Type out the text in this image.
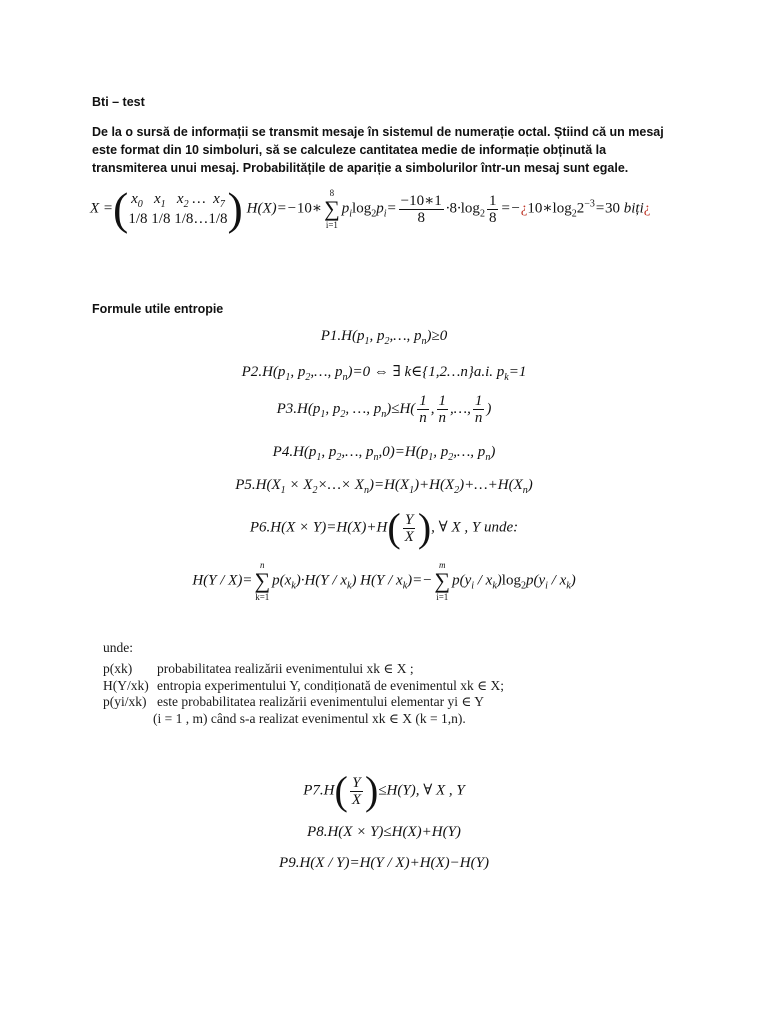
Bti – test
De la o sursă de informații se transmit mesaje în sistemul de numerație octal. Știind că un mesaj este format din 10 simboluri, să se calculeze cantitatea medie de informație obținută la transmiterea unui mesaj. Probabilitățile de apariție a simbolurilor într-un mesaj sunt egale.
X =( $x_0$ $x_1$ $x_2$ …  $x_7$
1/8 1/8 1/8…1/8 ) H(X)=−10∗
8
∑
i=1
$p_i\log_2p_i= \frac{-10∗1}{8} \cdot 8\cdot\log_2 \frac{1}{8}$ $=-¿10∗\log_22^{-3}=30$ biți¿
Formule utile entropie
$P1.H(p_1$, $p_2,\dots$, $p_n)\ge 0$
$P2.H(p_1$, $p_2,\dots$, $p_n)=0$ ⇔ ∃ k∈{1,2…n}a.i. $p_k=1$
$P3.H(p_1$, $p_2$, …, $p_n)\le H( \frac{1}{n}$ , $\frac{1}{n}$ ,…, $\frac{1}{n}$ )
$P4.H(p_1$, $p_2,\dots$, $p_n,0)=H(p_1$, $p_2,\dots$, $p_n$)
$P5.H(X_1$ × $X_2\times\dots\times$ $X_n)=H(X_1)+H(X_2)+\dots+H(X_n)$
$P6.H(X \times Y)=H(X)+H( \frac{Y}{X}$ ), ∀ X , Y unde:
H(Y / X)=
n
∑
k=1
$p(x_k)\cdot H(Y / x_k)$ $H(Y / x_k)=-$
m
∑
i=1
$p(y_i / x_k)\log_2p(y_i / x_k)$
unde:
p(xk)	probabilitatea realizării evenimentului xk ∈ X ;
H(Y/xk) entropia experimentului Y, condiționată de evenimentul xk ∈ X;
p(yi/xk) este probabilitatea realizării evenimentului elementar yi ∈ Y
(i = 1 , m) când s-a realizat evenimentul xk ∈ X (k = 1,n).
$P7.H( \frac{Y}{X} )\le H(Y)$, ∀ X , Y
P8.H(X × Y)≤H(X)+H(Y)
P9.H(X / Y)=H(Y / X)+H(X)−H(Y)
